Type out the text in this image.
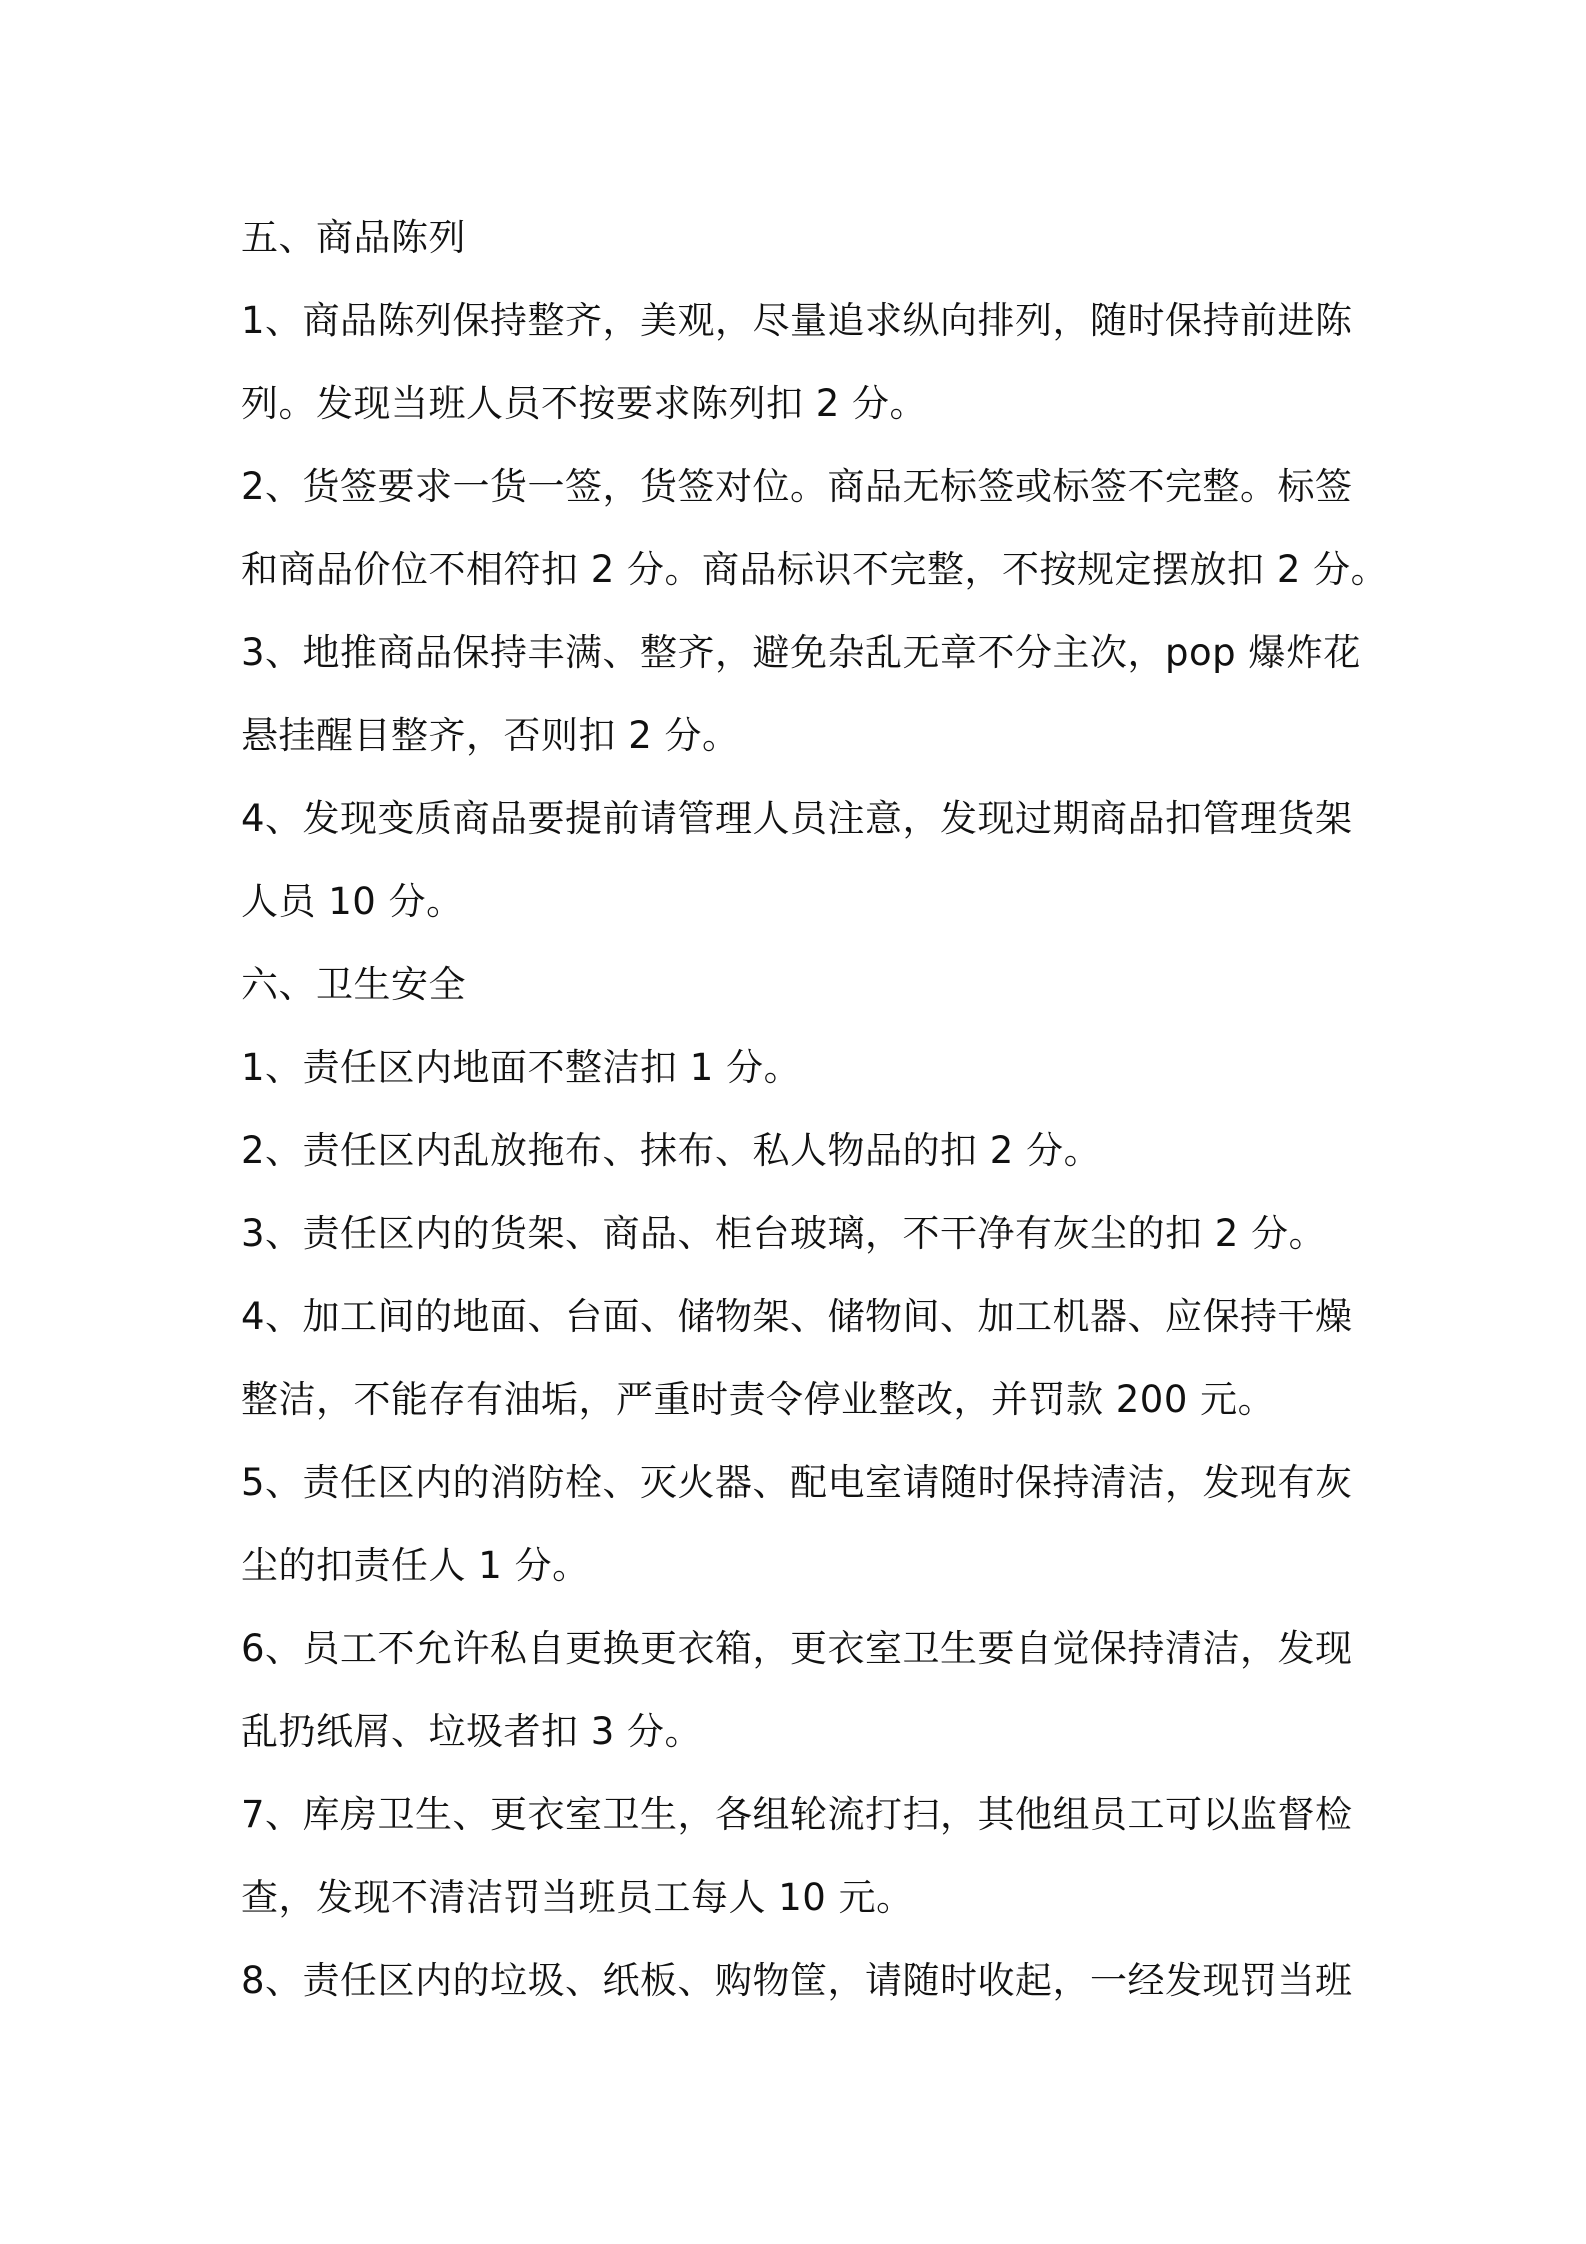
五、商品陈列
1、商品陈列保持整齐，美观，尽量追求纵向排列，随时保持前进陈
列。发现当班人员不按要求陈列扣 2 分。
2、货签要求一货一签，货签对位。商品无标签或标签不完整。标签
和商品价位不相符扣 2 分。商品标识不完整，不按规定摆放扣 2 分。
3、地推商品保持丰满、整齐，避免杂乱无章不分主次，pop 爆炸花
悬挂醒目整齐，否则扣 2 分。
4、发现变质商品要提前请管理人员注意，发现过期商品扣管理货架
人员 10 分。
六、卫生安全
1、责任区内地面不整洁扣 1 分。
2、责任区内乱放拖布、抹布、私人物品的扣 2 分。
3、责任区内的货架、商品、柜台玻璃，不干净有灰尘的扣 2 分。
4、加工间的地面、台面、储物架、储物间、加工机器、应保持干燥
整洁，不能存有油垢，严重时责令停业整改，并罚款 200 元。
5、责任区内的消防栓、灭火器、配电室请随时保持清洁，发现有灰
尘的扣责任人 1 分。
6、员工不允许私自更换更衣箱，更衣室卫生要自觉保持清洁，发现
乱扔纸屑、垃圾者扣 3 分。
7、库房卫生、更衣室卫生，各组轮流打扫，其他组员工可以监督检
查，发现不清洁罚当班员工每人 10 元。
8、责任区内的垃圾、纸板、购物筐，请随时收起，一经发现罚当班
